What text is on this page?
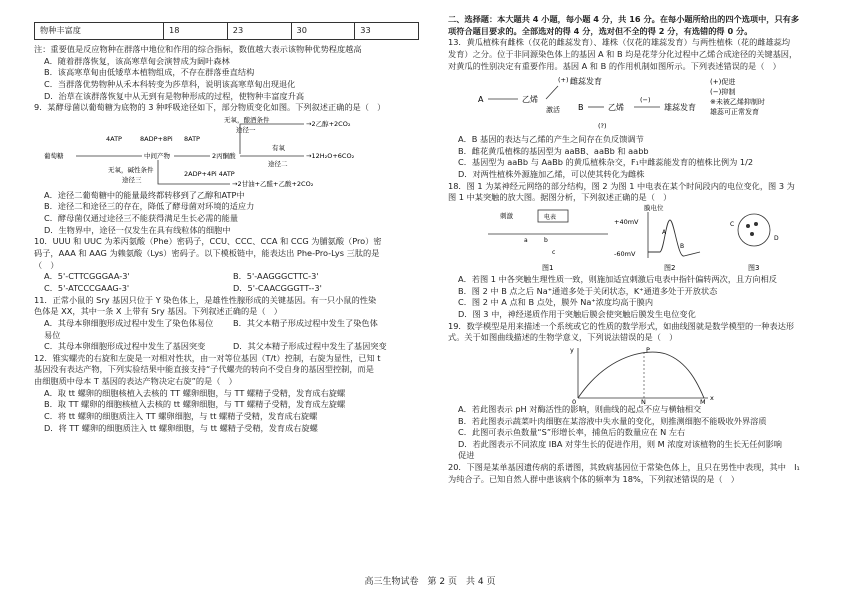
物种丰富度	18	23	30	33

注：重要值是反应物种在群落中地位和作用的综合指标，数值越大表示该物种优势程度越高

A．随着群落恢复，该高寒草甸会演替成为阔叶森林

B．该高寒草甸由低矮草本植物组成，不存在群落垂直结构

C．当群落优势物种从禾本科转变为莎草科，说明该高寒草甸出现退化

D．治草在该群落恢复中从无到有是物种形成的过程，使物种丰富度升高

9．某酵母菌以葡萄糖为底物的 3 种呼吸途径如下，部分物质变化如图。下列叙述正确的是（　）

无氧，酿酒条件
途径一
→2乙醇+2CO₂
4ATP	8ADP+8Pi 8ATP
葡萄糖	中间产物	2丙酮酸
有氧
途径二
→12H₂O+6CO₂
无氧，碱性条件
途径三
2ADP+4Pi 4ATP
→2甘油+乙醛+乙酸+2CO₂

A．途径二葡萄糖中的能量最终都转移到了乙醇和ATP中

B．途径二和途径三的存在，降低了酵母菌对环境的适应力

C．酵母菌仅通过途径三不能获得满足生长必需的能量

D．生物界中，途径一仅发生在具有线粒体的细胞中

10．UUU 和 UUC 为苯丙氨酸（Phe）密码子，CCU、CCC、CCA 和 CCG 为脯氨酸（Pro）密

码子，AAA 和 AAG 为赖氨酸（Lys）密码子。以下模板链中，能表达出 Phe-Pro-Lys 三肽的是

（　）

A．5'-CTTCGGGAA-3'	B．5'-AAGGGCTTC-3'
C．5'-ATCCCGAAG-3'	D．5'-CAACGGGTT--3'

11．正常小鼠的 Sry 基因只位于 Y 染色体上，是雄性性腺形成的关键基因。有一只小鼠的性染

色体是 XX，其中一条 X 上带有 Sry 基因。下列叙述正确的是（　）

A．其母本卵细胞形成过程中发生了染色体易位	B．其父本精子形成过程中发生了染色体

易位

C．其母本卵细胞形成过程中发生了基因突变	D．其父本精子形成过程中发生了基因突变

12．锥实螺壳的右旋和左旋是一对相对性状，由一对等位基因（T/t）控制，右旋为显性，已知 t

基因没有表达产物，下列实验结果中能直接支持“子代螺壳的转向不受自身的基因型控制，而是

由细胞质中母本 T 基因的表达产物决定右旋”的是（　）

A．取 tt 螺卵的细胞核植入去核的 TT 螺卵细胞，与 TT 螺精子受精，发育成右旋螺

B．取 TT 螺卵的细胞核植入去核的 tt 螺卵细胞，与 TT 螺精子受精，发育成左旋螺

C．将 tt 螺卵的细胞质注入 TT 螺卵细胞，与 tt 螺精子受精，发育成右旋螺

D．将 TT 螺卵的细胞质注入 tt 螺卵细胞，与 tt 螺精子受精，发育成右旋螺

二、选择题：本大题共 4 小题，每小题 4 分，共 16 分。在每小题所给出的四个选项中，只有多

项符合题目要求的。全部选对的得 4 分，选对但不全的得 2 分，有选错的得 0 分。

13．黄瓜植株有雌株（仅花的雌蕊发育）、雄株（仅花的雄蕊发育）与两性植株（花的雌雄蕊均

发育）之分。位于非同源染色体上的基因 A 和 B 均是花芽分化过程中乙烯合成途径的关键基因，

对黄瓜的性别决定有重要作用。基因 A 和 B 的作用机制如图所示。下列表述错误的是（　）

A	乙烯
(+) 雌蕊发育
激活 B	乙烯
(−)
雄蕊发育
(?)
(+)促进
(−)抑制
※未被乙烯抑制时
雄蕊可正常发育

A．B 基因的表达与乙烯的产生之间存在负反馈调节

B．雌花黄瓜植株的基因型为 aaBB、aaBb 和 aabb

C．基因型为 aaBb 与 AaBb 的黄瓜植株杂交，F₁中雌蕊能发育的植株比例为 1/2

D．对两性植株外源施加乙烯，可以使其转化为雌株

18．图 1 为某神经元网络的部分结构，图 2 为图 1 中电表在某个时间段内的电位变化，图 3 为

图 1 中某突触的放大图。据图分析，下列叙述正确的是（　）

刺激	电表
a	b
c
图1
膜电位
+40mV
-60mV
A
B
图2
C
D
图3

A．若图 1 中各突触生理性质一致，则施加适宜刺激后电表中指针偏转两次，且方向相反

B．图 2 中 B 点之后 Na⁺通道多处于关闭状态，K⁺通道多处于开放状态

C．图 2 中 A 点和 B 点处，膜外 Na⁺浓度均高于膜内

D．图 3 中，神经递质作用于突触后膜会使突触后膜发生电位变化

19．数学模型是用来描述一个系统或它的性质的数学形式，如曲线图就是数学模型的一种表达形

式。关于如图曲线描述的生物学意义，下列说法错误的是（　）

y
x
P
0	N	M

A．若此图表示 pH 对酶活性的影响，则曲线的起点不应与横轴相交

B．若此图表示蔬菜叶肉细胞在某溶液中失水量的变化，则推测细胞不能吸收外界溶质

C．此图可表示鱼数量“S”形增长率，捕鱼后的数量应在 N 左右

D．若此图表示不同浓度 IBA 对芽生长的促进作用，则 M 浓度对该植物的生长无任何影响

促进

20．下图是某单基因遗传病的系谱图，其致病基因位于常染色体上，且只在男性中表现，其中　I₁

为纯合子。已知自然人群中患该病个体的频率为 18%，下列叙述错误的是（　）

高三生物试卷　第 2 页　共 4 页
